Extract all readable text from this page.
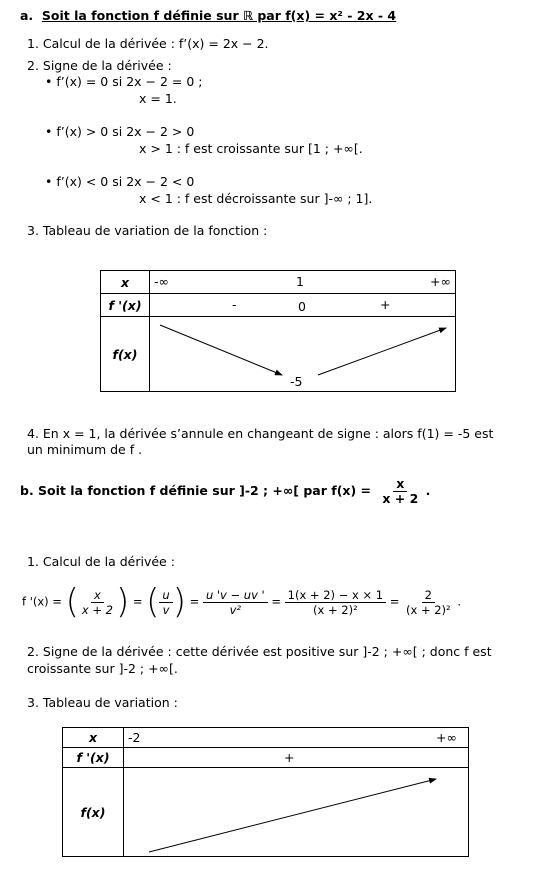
a. Soit la fonction f définie sur ℝ par f(x) = x² - 2x - 4
1. Calcul de la dérivée : f’(x) = 2x − 2.
2. Signe de la dérivée :
• f’(x) = 0 si 2x − 2 = 0 ;
x = 1.
• f’(x) > 0 si 2x − 2 > 0
x > 1 : f est croissante sur [1 ; +∞[.
• f’(x) < 0 si 2x − 2 < 0
x < 1 : f est décroissante sur ]-∞ ; 1].
3. Tableau de variation de la fonction :
x	-∞ 1 +∞

f '(x)	- 0 +

f(x)	-5
4. En x = 1, la dérivée s’annule en changeant de signe : alors f(1) = -5 est
un minimum de f .
b. Soit la fonction f définie sur ]-2 ; +∞[ par $f(x) = \frac{x}{x + 2}$ .
1. Calcul de la dérivée :
f '(x) = ( $\frac{x}{x + 2}$ ) = ( $\frac{u}{v}$ ) = $\frac{u 'v - uv '}{\text{v²}} = \frac{1(x + 2) - x \times 1}{\text{(x + 2)²}} = \frac{2}{\text{(x + 2)²}}$ .
2. Signe de la dérivée : cette dérivée est positive sur ]-2 ; +∞[ ; donc f est
croissante sur ]-2 ; +∞[.
3. Tableau de variation :
x	-2 +∞

f '(x)	+

f(x)	
